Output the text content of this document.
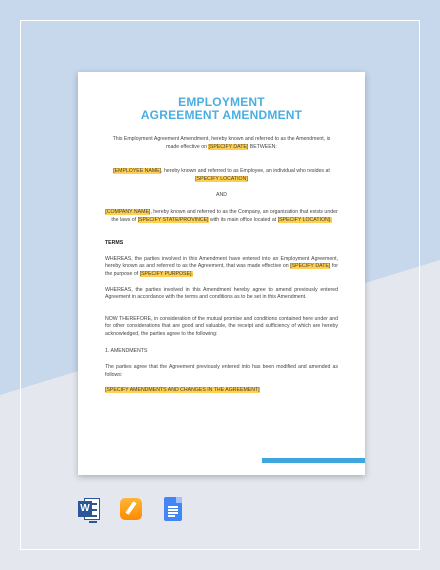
EMPLOYMENT
AGREEMENT AMENDMENT
This Employment Agreement Amendment, hereby known and referred to as the Amendment, is made effective on [SPECIFY DATE] BETWEEN:
[EMPLOYEE NAME], hereby known and referred to as Employee, an individual who resides at [SPECIFY LOCATION]
AND
[COMPANY NAME], hereby known and referred to as the Company, an organization that exists under the laws of [SPECIFY STATE/PROVINCE] with its main office located at [SPECIFY LOCATION].
TERMS
WHEREAS, the parties involved in this Amendment have entered into an Employment Agreement, hereby known as and referred to as the Agreement, that was made effective on [SPECIFY DATE] for the purpose of [SPECIFY PURPOSE].
WHEREAS, the parties involved in this Amendment hereby agree to amend previously entered Agreement in accordance with the terms and conditions as to be set in this Amendment.
NOW THEREFORE, in consideration of the mutual promise and conditions contained here under and for other considerations that are good and valuable, the receipt and sufficiency of which are hereby acknowledged, the parties agree to the following:
1. AMENDMENTS
The parties agree that the Agreement previously entered into has been modified and amended as follows:
[SPECIFY AMENDMENTS AND CHANGES IN THE AGREEMENT]
W
